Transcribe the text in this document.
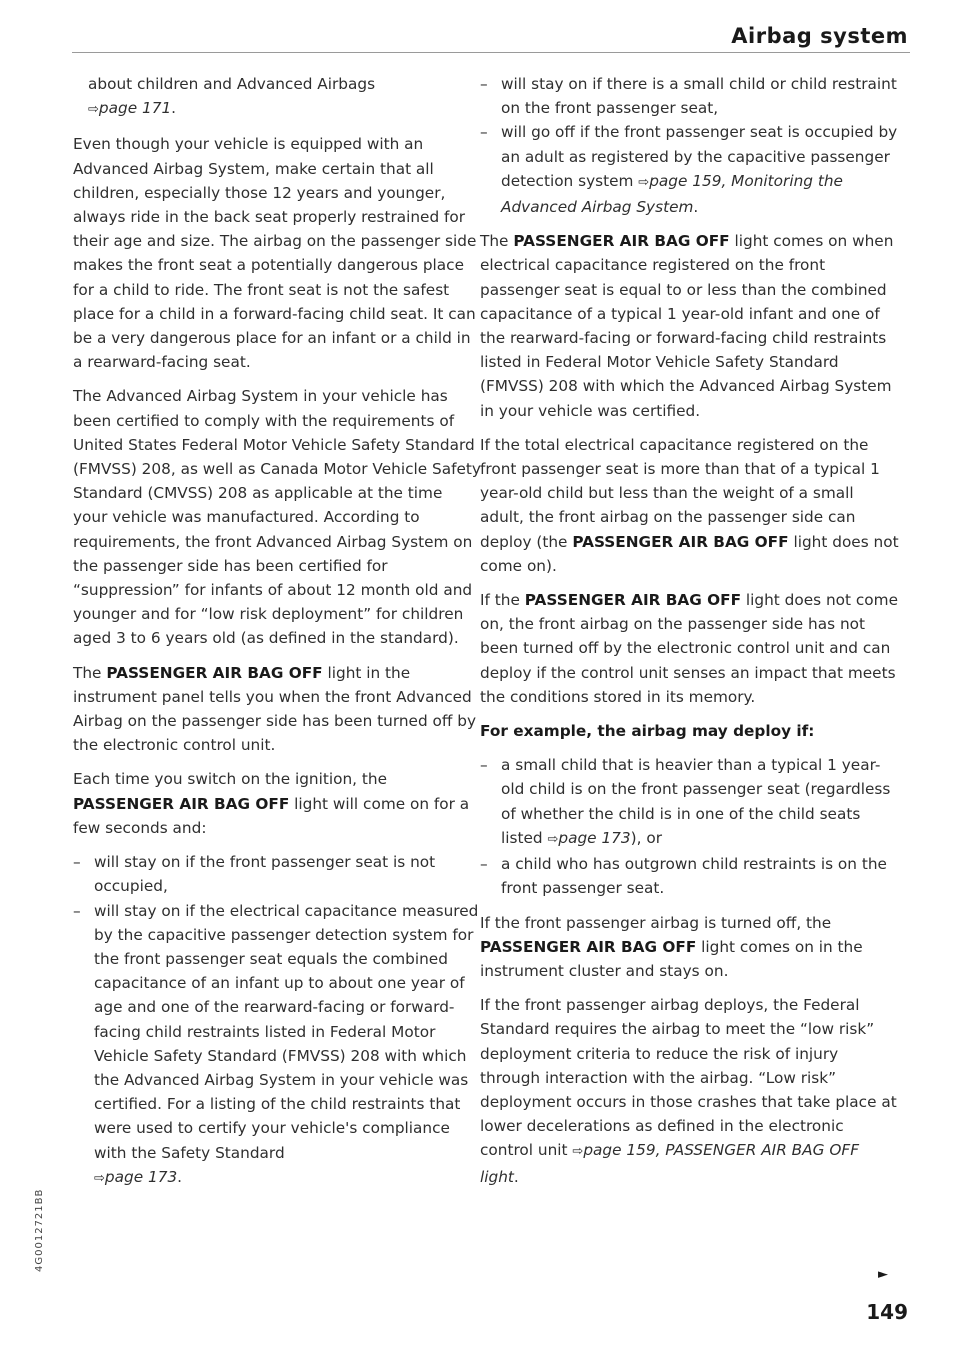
Airbag system

about children and Advanced Airbags
⇨page 171.

Even though your vehicle is equipped with an Advanced Airbag System, make certain that all children, especially those 12 years and younger, always ride in the back seat properly restrained for their age and size. The airbag on the passenger side makes the front seat a potentially dangerous place for a child to ride. The front seat is not the safest place for a child in a forward-facing child seat. It can be a very dangerous place for an infant or a child in a rearward-facing seat.

The Advanced Airbag System in your vehicle has been certified to comply with the requirements of United States Federal Motor Vehicle Safety Standard (FMVSS) 208, as well as Canada Motor Vehicle Safety Standard (CMVSS) 208 as applicable at the time your vehicle was manufactured. According to requirements, the front Advanced Airbag System on the passenger side has been certified for “suppression” for infants of about 12 month old and younger and for “low risk deployment” for children aged 3 to 6 years old (as defined in the standard).

The PASSENGER AIR BAG OFF light in the instrument panel tells you when the front Advanced Airbag on the passenger side has been turned off by the electronic control unit.

Each time you switch on the ignition, the PASSENGER AIR BAG OFF light will come on for a few seconds and:

– will stay on if the front passenger seat is not occupied,
– will stay on if the electrical capacitance measured by the capacitive passenger detection system for the front passenger seat equals the combined capacitance of an infant up to about one year of age and one of the rearward-facing or forward-facing child restraints listed in Federal Motor Vehicle Safety Standard (FMVSS) 208 with which the Advanced Airbag System in your vehicle was certified. For a listing of the child restraints that were used to certify your vehicle's compliance with the Safety Standard
⇨page 173.
– will stay on if there is a small child or child restraint on the front passenger seat,
– will go off if the front passenger seat is occupied by an adult as registered by the capacitive passenger detection system ⇨page 159, Monitoring the Advanced Airbag System.

The PASSENGER AIR BAG OFF light comes on when electrical capacitance registered on the front passenger seat is equal to or less than the combined capacitance of a typical 1 year-old infant and one of the rearward-facing or forward-facing child restraints listed in Federal Motor Vehicle Safety Standard (FMVSS) 208 with which the Advanced Airbag System in your vehicle was certified.

If the total electrical capacitance registered on the front passenger seat is more than that of a typical 1 year-old child but less than the weight of a small adult, the front airbag on the passenger side can deploy (the PASSENGER AIR BAG OFF light does not come on).

If the PASSENGER AIR BAG OFF light does not come on, the front airbag on the passenger side has not been turned off by the electronic control unit and can deploy if the control unit senses an impact that meets the conditions stored in its memory.

For example, the airbag may deploy if:

– a small child that is heavier than a typical 1 year-old child is on the front passenger seat (regardless of whether the child is in one of the child seats listed ⇨page 173), or
– a child who has outgrown child restraints is on the front passenger seat.

If the front passenger airbag is turned off, the PASSENGER AIR BAG OFF light comes on in the instrument cluster and stays on.

If the front passenger airbag deploys, the Federal Standard requires the airbag to meet the “low risk” deployment criteria to reduce the risk of injury through interaction with the airbag. “Low risk” deployment occurs in those crashes that take place at lower decelerations as defined in the electronic control unit ⇨page 159, PASSENGER AIR BAG OFF light.

►
149
4G0012721BB
